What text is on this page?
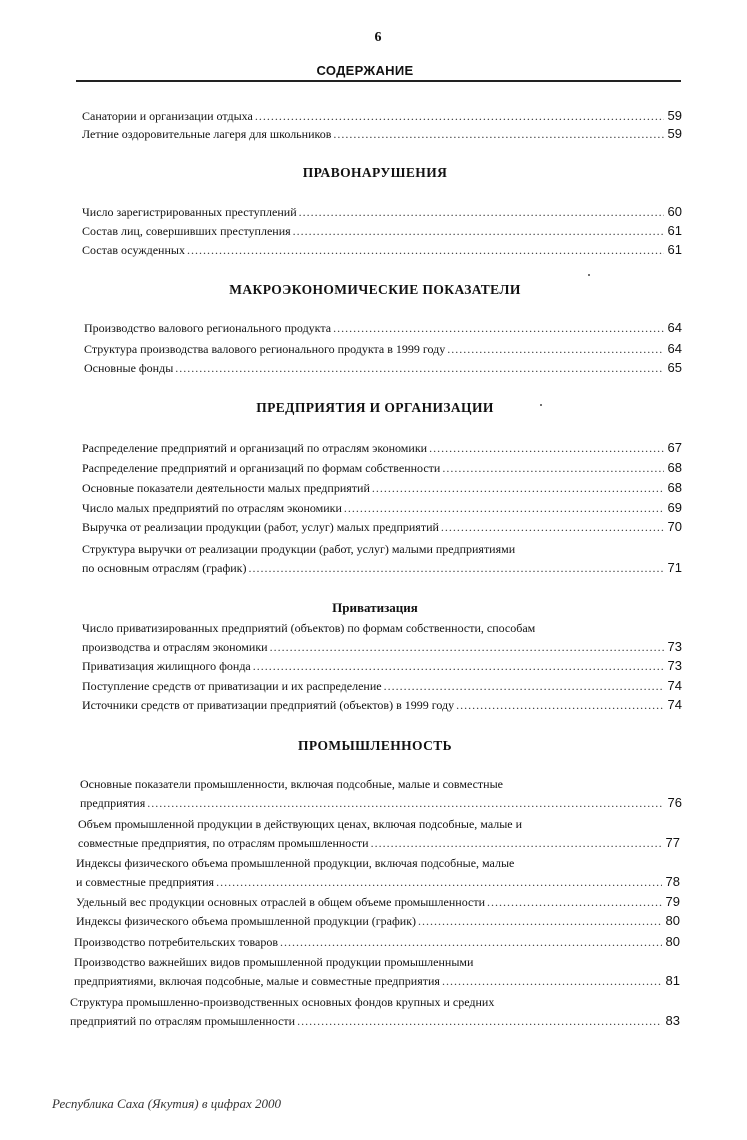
6
СОДЕРЖАНИЕ
Санатории и организации отдыха .....	59
Летние оздоровительные лагеря для школьников .....	59
ПРАВОНАРУШЕНИЯ
Число зарегистрированных преступлений .....	60
Состав лиц, совершивших преступления .....	61
Состав осужденных .....	61
МАКРОЭКОНОМИЧЕСКИЕ ПОКАЗАТЕЛИ
Производство валового регионального продукта .....	64
Структура производства валового регионального продукта в 1999 году .....	64
Основные фонды .....	65
ПРЕДПРИЯТИЯ И ОРГАНИЗАЦИИ
Распределение предприятий и организаций по отраслям экономики .....	67
Распределение предприятий и организаций по формам собственности .....	68
Основные показатели деятельности малых предприятий .....	68
Число малых предприятий по отраслям экономики .....	69
Выручка от реализации продукции (работ, услуг) малых предприятий .....	70
Структура выручки от реализации продукции (работ, услуг) малыми предприятиями
по основным отраслям (график) .....	71
Приватизация
Число приватизированных предприятий (объектов) по формам собственности, способам
производства и отраслям экономики .....	73
Приватизация жилищного фонда .....	73
Поступление средств от приватизации и их распределение .....	74
Источники средств от приватизации предприятий (объектов) в 1999 году .....	74
ПРОМЫШЛЕННОСТЬ
Основные показатели промышленности, включая подсобные, малые и совместные
предприятия .....	76
Объем промышленной продукции в действующих ценах, включая подсобные, малые и
совместные предприятия, по отраслям промышленности .....	77
Индексы физического объема промышленной продукции, включая подсобные, малые
и совместные предприятия .....	78
Удельный вес продукции основных отраслей в общем объеме промышленности .....	79
Индексы физического объема промышленной продукции (график) .....	80
Производство потребительских товаров .....	80
Производство важнейших видов промышленной продукции промышленными
предприятиями, включая подсобные, малые и совместные предприятия .....	81
Структура промышленно-производственных основных фондов крупных и средних
предприятий по отраслям промышленности .....	83
Республика Саха (Якутия) в цифрах 2000
